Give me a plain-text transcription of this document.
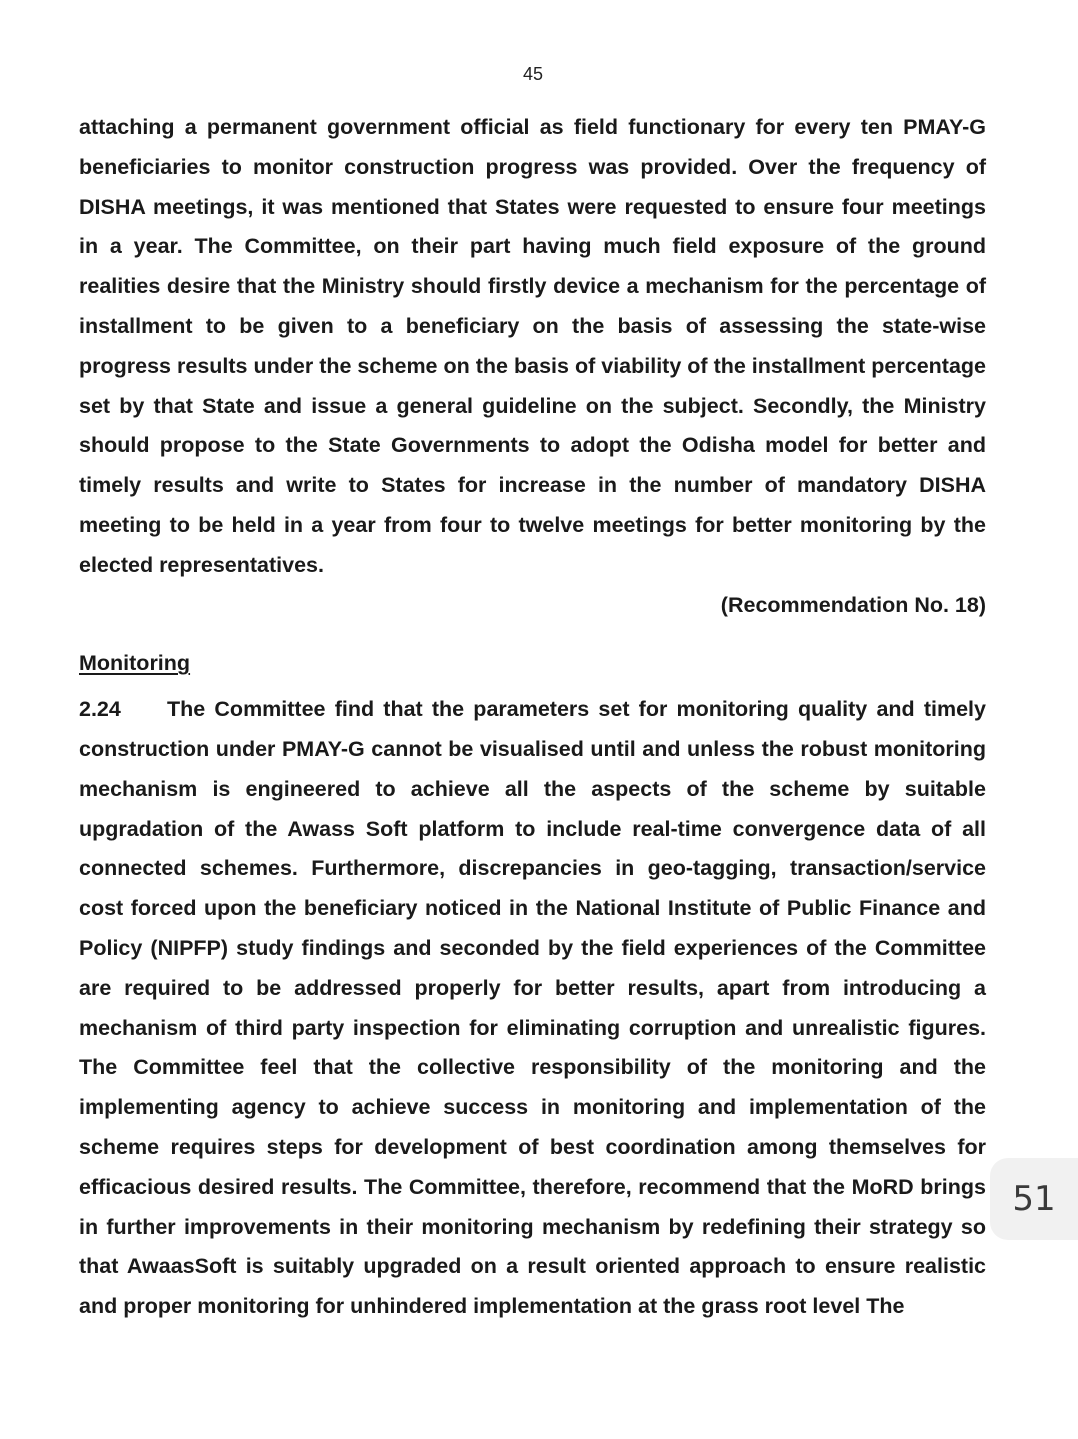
45

attaching a permanent government official as field functionary for every ten PMAY-G beneficiaries to monitor construction progress was provided. Over the frequency of DISHA meetings, it was mentioned that States were requested to ensure four meetings in a year. The Committee, on their part having much field exposure of the ground realities desire that the Ministry should firstly device a mechanism for the percentage of installment to be given to a beneficiary on the basis of assessing the state-wise progress results under the scheme on the basis of viability of the installment percentage set by that State and issue a general guideline on the subject. Secondly, the Ministry should propose to the State Governments to adopt the Odisha model for better and timely results and write to States for increase in the number of mandatory DISHA meeting to be held in a year from four to twelve meetings for better monitoring by the elected representatives.

(Recommendation No. 18)

Monitoring

2.24 The Committee find that the parameters set for monitoring quality and timely construction under PMAY-G cannot be visualised until and unless the robust monitoring mechanism is engineered to achieve all the aspects of the scheme by suitable upgradation of the Awass Soft platform to include real-time convergence data of all connected schemes. Furthermore, discrepancies in geo-tagging, transaction/service cost forced upon the beneficiary noticed in the National Institute of Public Finance and Policy (NIPFP) study findings and seconded by the field experiences of the Committee are required to be addressed properly for better results, apart from introducing a mechanism of third party inspection for eliminating corruption and unrealistic figures. The Committee feel that the collective responsibility of the monitoring and the implementing agency to achieve success in monitoring and implementation of the scheme requires steps for development of best coordination among themselves for efficacious desired results. The Committee, therefore, recommend that the MoRD brings in further improvements in their monitoring mechanism by redefining their strategy so that AwaasSoft is suitably upgraded on a result oriented approach to ensure realistic and proper monitoring for unhindered implementation at the grass root level The

51
